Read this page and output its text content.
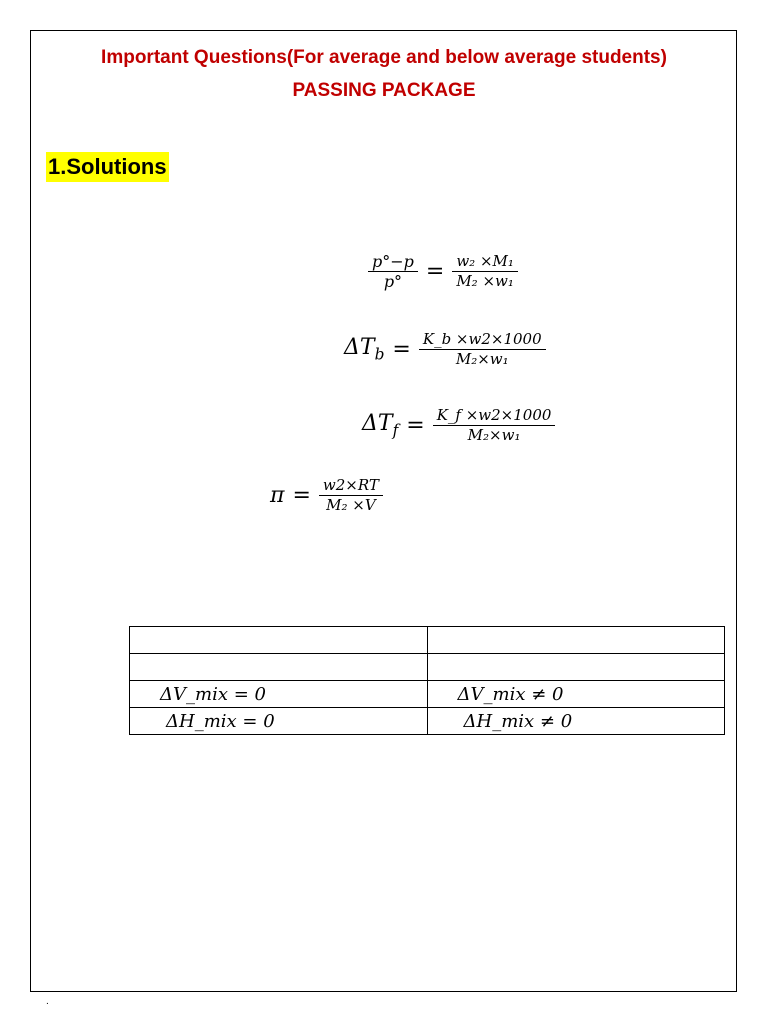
Important Questions(For average and below average students)
PASSING PACKAGE
1.Solutions
$\frac{p^\circ-p}{p^\circ} = \frac{\text{w₂ ×M₁}}{\text{M₂ ×w₁}}$
$\Delta T_b = \frac{K\_b \times w2\times 1000}{\text{M₂×w₁}}$
$\Delta T_f = \frac{K\_f \times w2\times 1000}{\text{M₂×w₁}}$
$\pi = \frac{w2\times RT}{\text{M₂ ×V}}$

ΔV_mix = 0	ΔV_mix ≠ 0
ΔH_mix = 0	ΔH_mix ≠ 0
.
